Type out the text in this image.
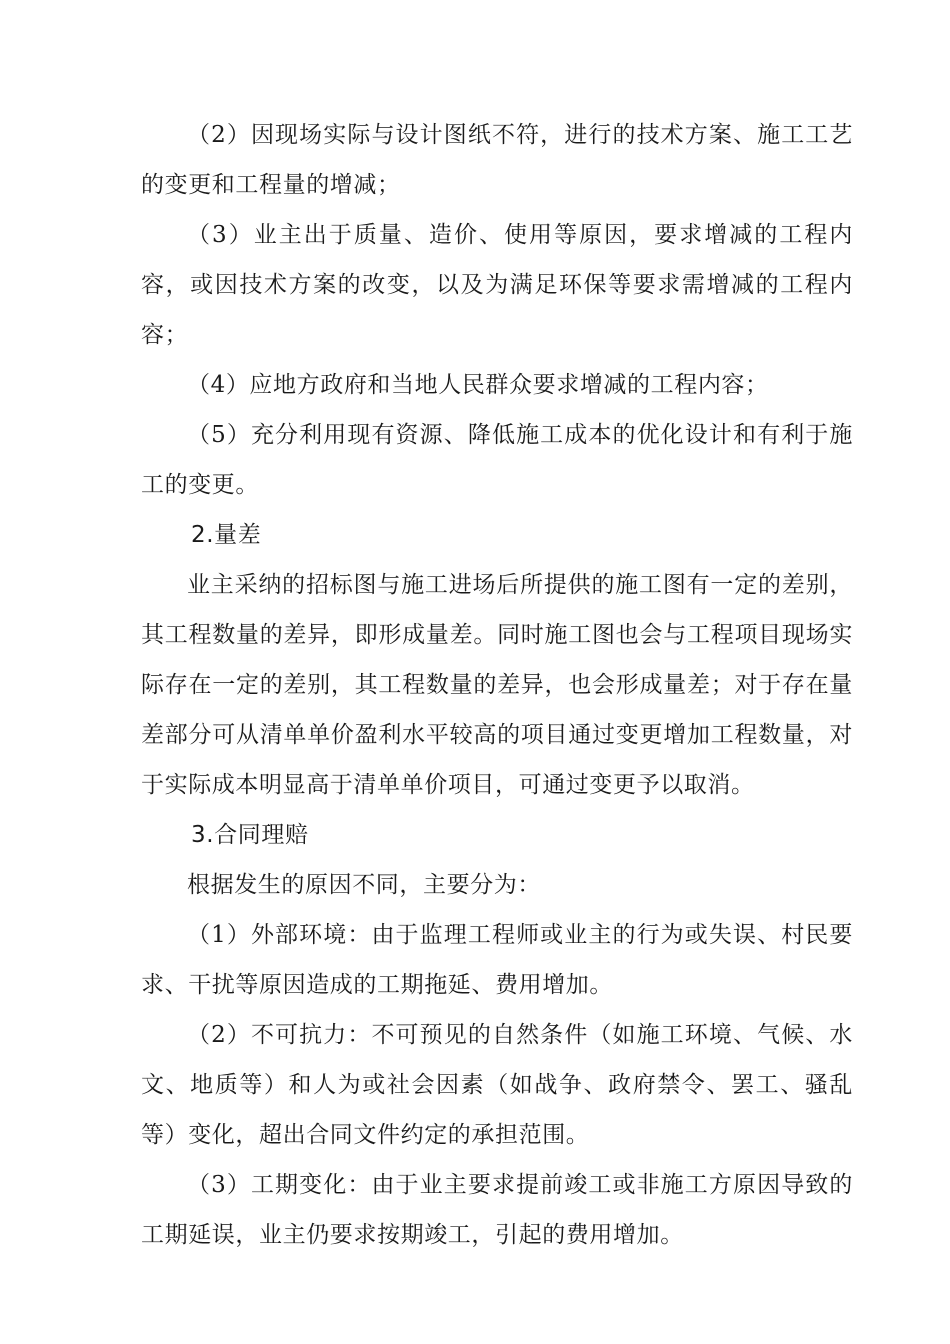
（2）因现场实际与设计图纸不符，进行的技术方案、施工工艺的变更和工程量的增减；

（3）业主出于质量、造价、使用等原因，要求增减的工程内容，或因技术方案的改变，以及为满足环保等要求需增减的工程内容；

（4）应地方政府和当地人民群众要求增减的工程内容；

（5）充分利用现有资源、降低施工成本的优化设计和有利于施工的变更。

2.量差

业主采纳的招标图与施工进场后所提供的施工图有一定的差别，其工程数量的差异，即形成量差。同时施工图也会与工程项目现场实际存在一定的差别，其工程数量的差异，也会形成量差；对于存在量差部分可从清单单价盈利水平较高的项目通过变更增加工程数量，对于实际成本明显高于清单单价项目，可通过变更予以取消。

3.合同理赔

根据发生的原因不同，主要分为：

（1）外部环境：由于监理工程师或业主的行为或失误、村民要求、干扰等原因造成的工期拖延、费用增加。

（2）不可抗力：不可预见的自然条件（如施工环境、气候、水文、地质等）和人为或社会因素（如战争、政府禁令、罢工、骚乱等）变化，超出合同文件约定的承担范围。

（3）工期变化：由于业主要求提前竣工或非施工方原因导致的工期延误，业主仍要求按期竣工，引起的费用增加。
